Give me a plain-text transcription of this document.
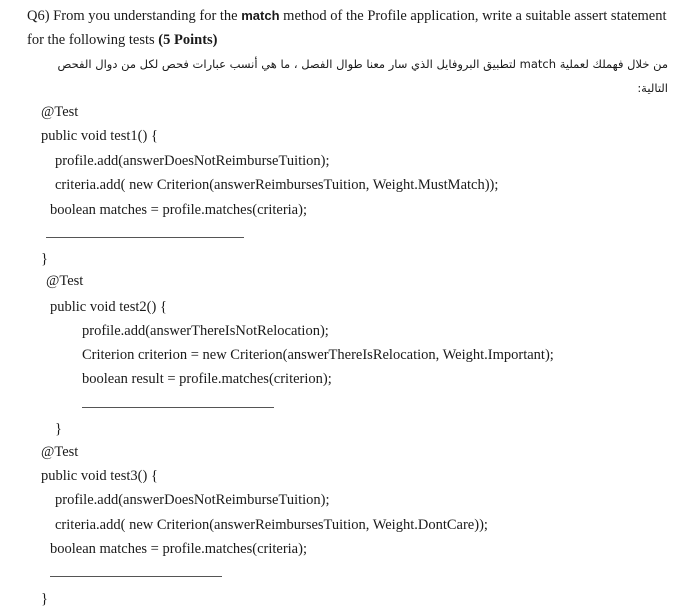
Q6) From you understanding for the match method of the Profile application, write a suitable assert statement
for the following tests (5 Points)
من خلال فهملك لعملية match لتطبيق البروفايل الذي سار معنا طوال الفصل ، ما هي أنسب عبارات فحص لكل من دوال الفحص
التالية:
@Test
public void test1() {
profile.add(answerDoesNotReimburseTuition);
criteria.add( new Criterion(answerReimbursesTuition, Weight.MustMatch));
boolean matches = profile.matches(criteria);
}
@Test
public void test2() {
profile.add(answerThereIsNotRelocation);
Criterion criterion = new Criterion(answerThereIsRelocation, Weight.Important);
boolean result = profile.matches(criterion);
}
@Test
public void test3() {
profile.add(answerDoesNotReimburseTuition);
criteria.add( new Criterion(answerReimbursesTuition, Weight.DontCare));
boolean matches = profile.matches(criteria);
}
